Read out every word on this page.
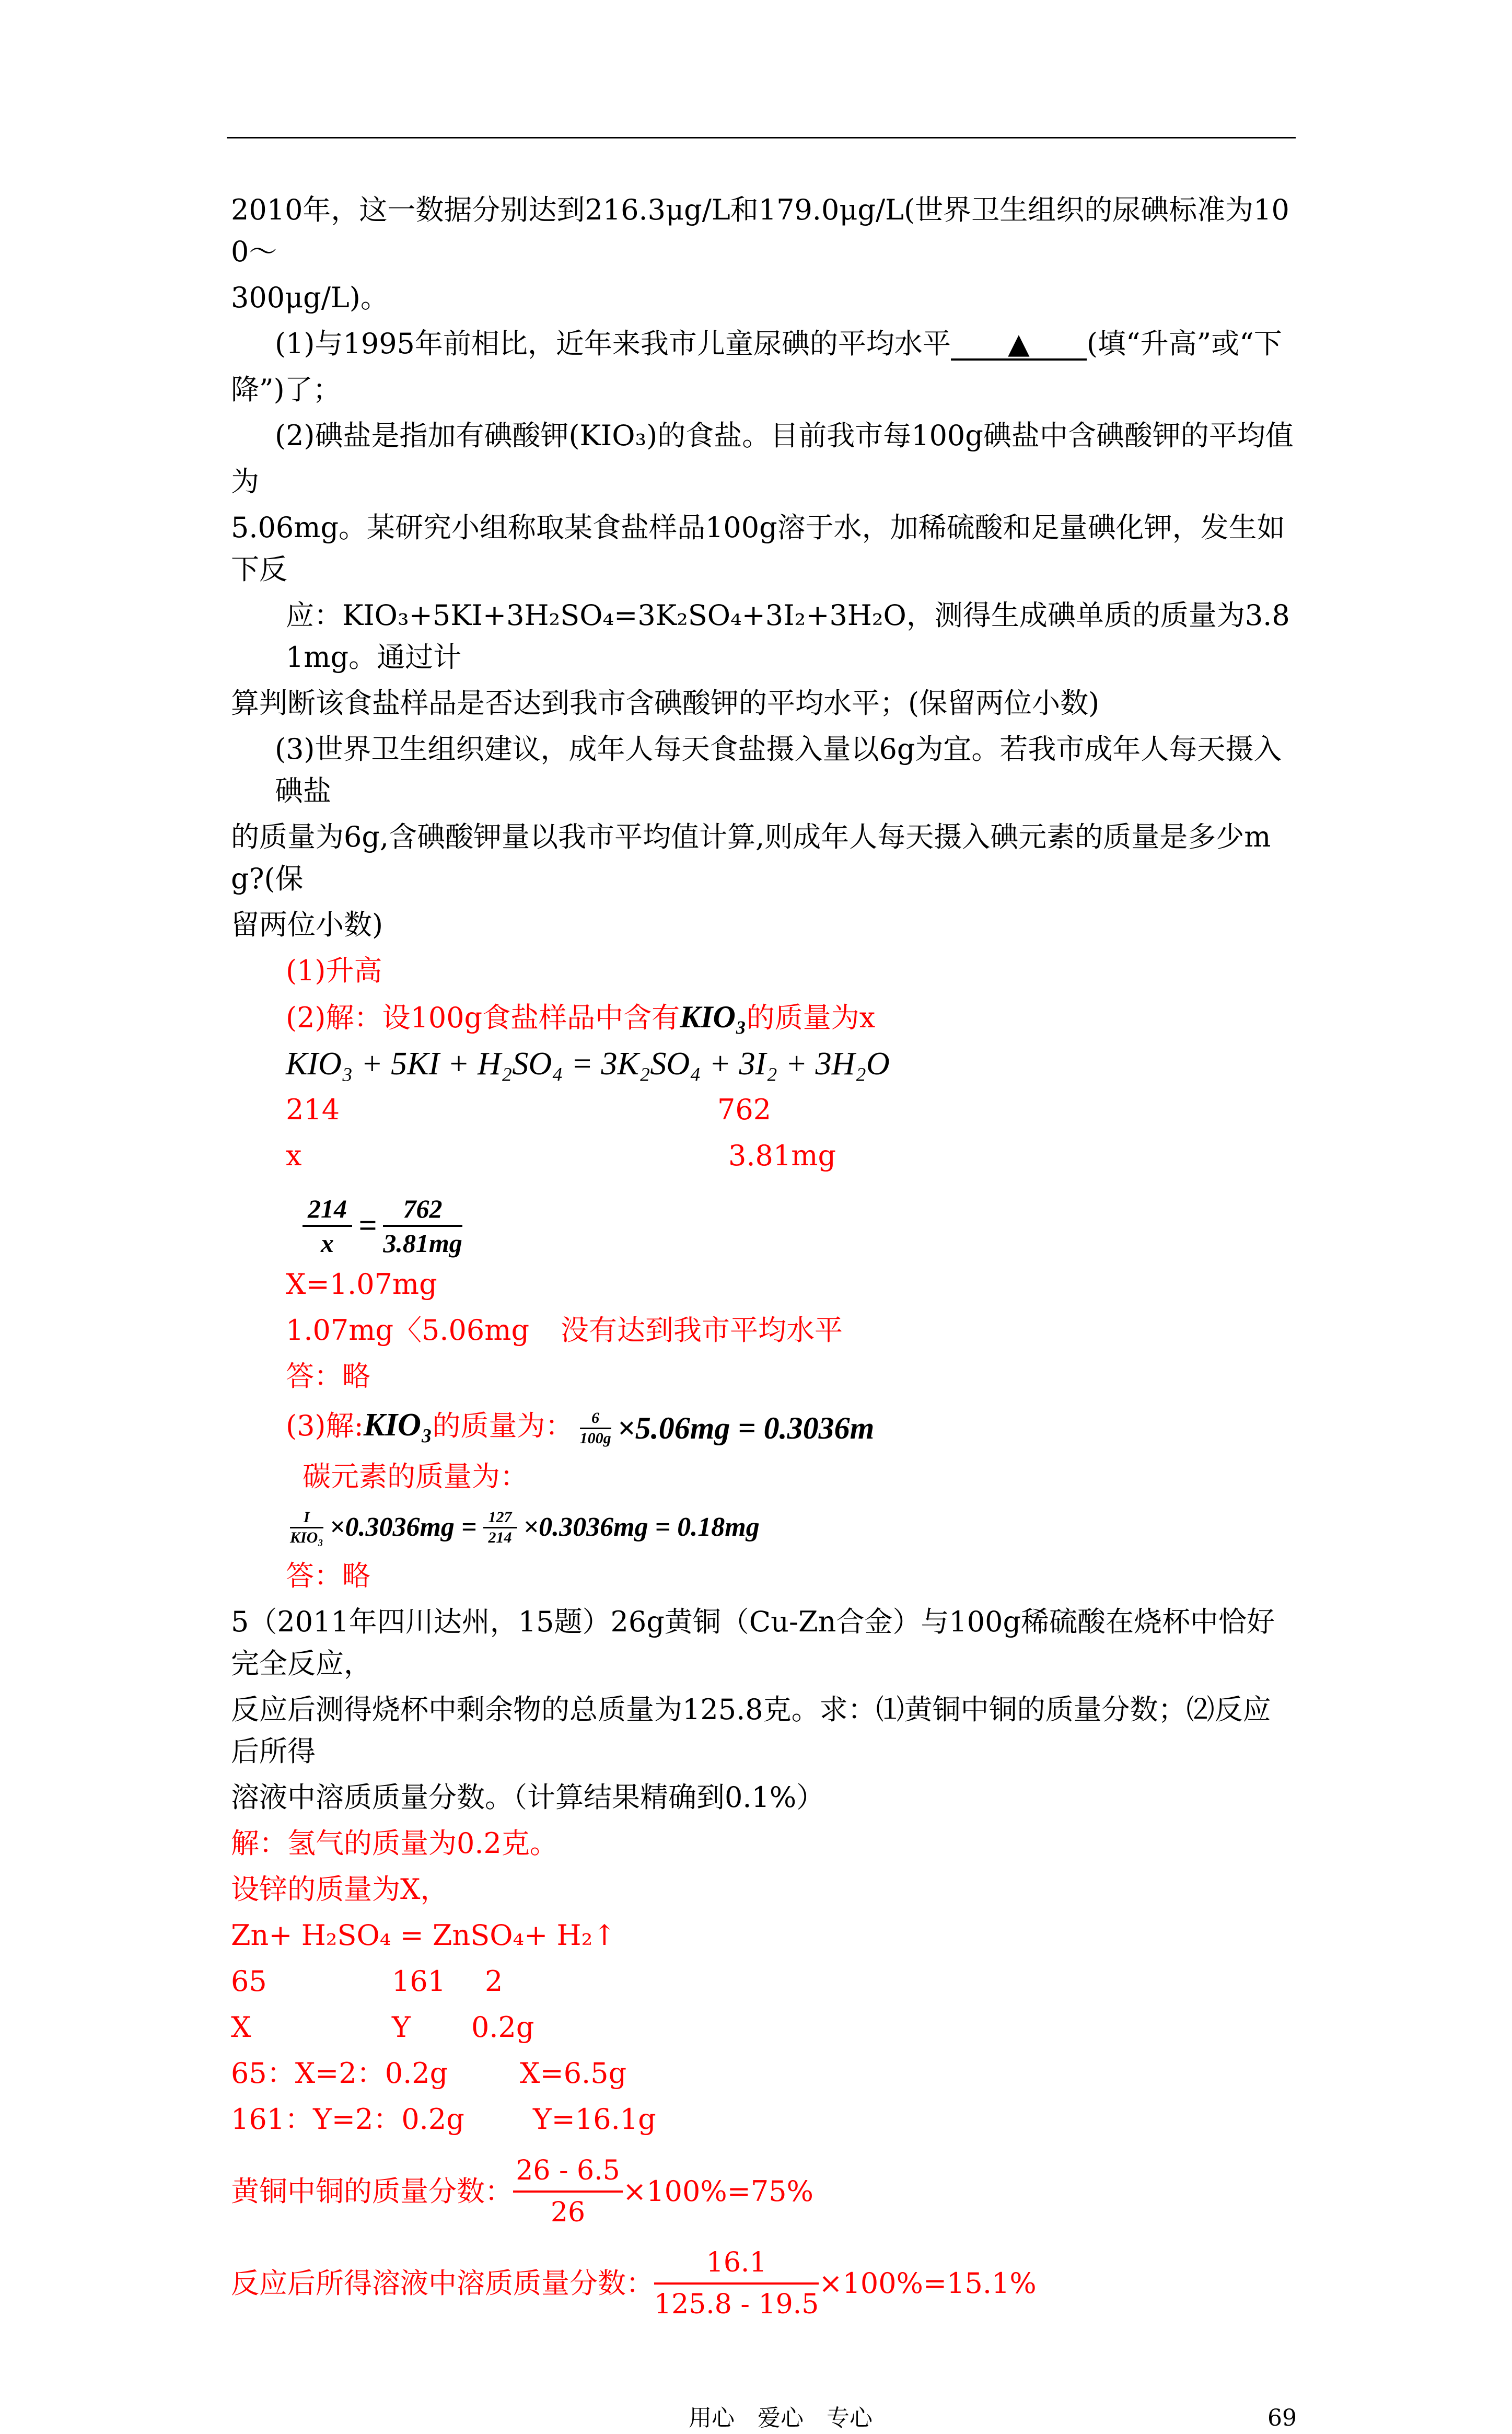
2010年，这一数据分别达到216.3μg/L和179.0μg/L(世界卫生组织的尿碘标准为100～
300μg/L)。
(1)与1995年前相比，近年来我市儿童尿碘的平均水平 ▲ (填“升高”或“下
降”)了；
(2)碘盐是指加有碘酸钾(KIO₃)的食盐。目前我市每100g碘盐中含碘酸钾的平均值
为
5.06mg。某研究小组称取某食盐样品100g溶于水，加稀硫酸和足量碘化钾，发生如下反
应：KIO₃+5KI+3H₂SO₄=3K₂SO₄+3I₂+3H₂O，测得生成碘单质的质量为3.81mg。通过计
算判断该食盐样品是否达到我市含碘酸钾的平均水平；(保留两位小数)
(3)世界卫生组织建议，成年人每天食盐摄入量以6g为宜。若我市成年人每天摄入碘盐
的质量为6g,含碘酸钾量以我市平均值计算,则成年人每天摄入碘元素的质量是多少mg?(保
留两位小数)
(1)升高
(2)解：设100g食盐样品中含有KIO₃的质量为x
KIO₃ + 5KI + H₂SO₄ = 3K₂SO₄ + 3I₂ + 3H₂O
214	762
x	3.81mg
$\frac{214}{x} = \frac{762}{3.81mg}$
X=1.07mg
1.07mg〈5.06mg 没有达到我市平均水平
答：略
(3)解:KIO₃的质量为： $\frac{6}{100g} \times 5.06mg = 0.3036m$
碳元素的质量为：
$\frac{I}{\text{KIO₃}} \times 0.3036mg = \frac{127}{214} \times 0.3036mg = 0.18mg$
答：略
5（2011年四川达州，15题）26g黄铜（Cu-Zn合金）与100g稀硫酸在烧杯中恰好完全反应，
反应后测得烧杯中剩余物的总质量为125.8克。求：⑴黄铜中铜的质量分数；⑵反应后所得
溶液中溶质质量分数。（计算结果精确到0.1%）
解：氢气的质量为0.2克。
设锌的质量为X，
Zn+ H₂SO₄ = ZnSO₄+ H₂↑
65	161	2
X	Y	0.2g
65：X=2：0.2g	X=6.5g
161：Y=2：0.2g	Y=16.1g
黄铜中铜的质量分数： $\frac{26 - 6.5}{26} \times 100\%=75\%$
反应后所得溶液中溶质质量分数： $\frac{16.1}{125.8 - 19.5} \times 100\%=15.1\%$
用心　爱心　专心	69
